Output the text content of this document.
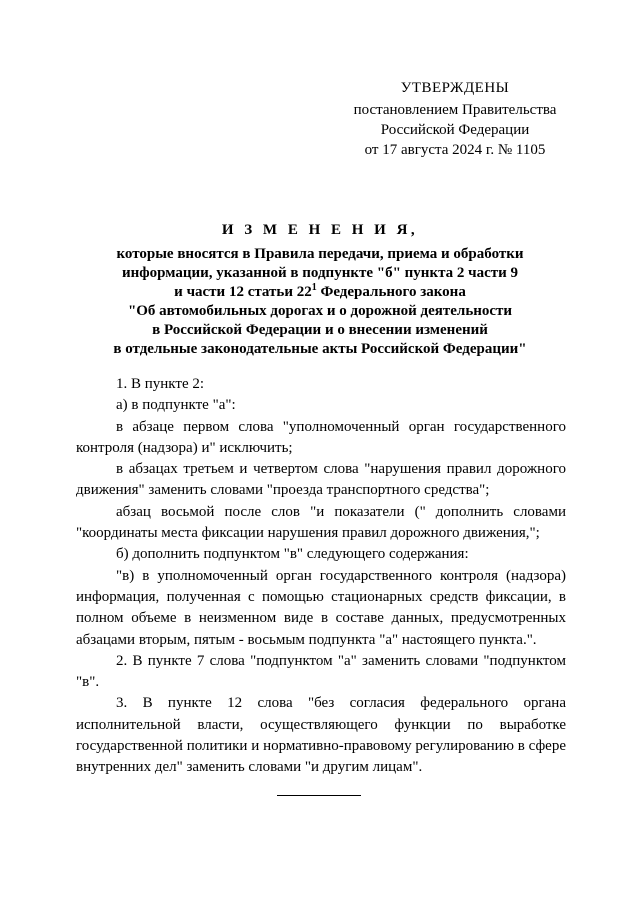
УТВЕРЖДЕНЫ
постановлением Правительства
Российской Федерации
от 17 августа 2024 г. № 1105
И З М Е Н Е Н И Я,
которые вносятся в Правила передачи, приема и обработки
информации, указанной в подпункте "б" пункта 2 части 9
и части 12 статьи $22^1$ Федерального закона
"Об автомобильных дорогах и о дорожной деятельности
в Российской Федерации и о внесении изменений
в отдельные законодательные акты Российской Федерации"

1. В пункте 2:

а) в подпункте "а":

в абзаце первом слова "уполномоченный орган государственного контроля (надзора) и" исключить;

в абзацах третьем и четвертом слова "нарушения правил дорожного движения" заменить словами "проезда транспортного средства";

абзац восьмой после слов "и показатели (" дополнить словами "координаты места фиксации нарушения правил дорожного движения,";

б) дополнить подпунктом "в" следующего содержания:

"в) в уполномоченный орган государственного контроля (надзора) информация, полученная с помощью стационарных средств фиксации, в полном объеме в неизменном виде в составе данных, предусмотренных абзацами вторым, пятым - восьмым подпункта "а" настоящего пункта.".

2. В пункте 7 слова "подпунктом "а" заменить словами "подпунктом "в".

3. В пункте 12 слова "без согласия федерального органа исполнительной власти, осуществляющего функции по выработке государственной политики и нормативно-правовому регулированию в сфере внутренних дел" заменить словами "и другим лицам".
